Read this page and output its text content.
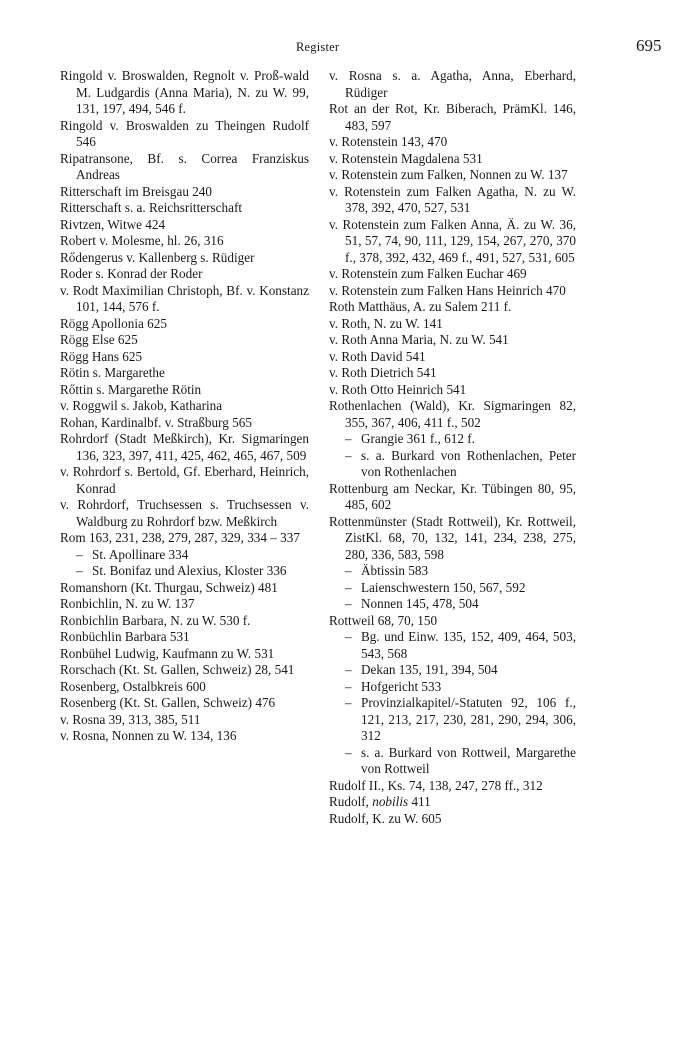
Register	695

Ringold v. Broswalden, Regnolt v. Proß-wald M. Ludgardis (Anna Maria), N. zu W. 99, 131, 197, 494, 546 f.

Ringold v. Broswalden zu Theingen Rudolf 546

Ripatransone, Bf. s. Correa Franziskus Andreas

Ritterschaft im Breisgau 240

Ritterschaft s. a. Reichsritterschaft

Rivtzen, Witwe 424

Robert v. Molesme, hl. 26, 316

Rődengerus v. Kallenberg s. Rüdiger

Roder s. Konrad der Roder

v. Rodt Maximilian Christoph, Bf. v. Konstanz 101, 144, 576 f.

Rögg Apollonia 625

Rögg Else 625

Rögg Hans 625

Rötin s. Margarethe

Rőttin s. Margarethe Rötin

v. Roggwil s. Jakob, Katharina

Rohan, Kardinalbf. v. Straßburg 565

Rohrdorf (Stadt Meßkirch), Kr. Sigmaringen 136, 323, 397, 411, 425, 462, 465, 467, 509

v. Rohrdorf s. Bertold, Gf. Eberhard, Heinrich, Konrad

v. Rohrdorf, Truchsessen s. Truchsessen v. Waldburg zu Rohrdorf bzw. Meßkirch

Rom 163, 231, 238, 279, 287, 329, 334 – 337

– St. Apollinare 334

– St. Bonifaz und Alexius, Kloster 336

Romanshorn (Kt. Thurgau, Schweiz) 481

Ronbichlin, N. zu W. 137

Ronbichlin Barbara, N. zu W. 530 f.

Ronbüchlin Barbara 531

Ronbühel Ludwig, Kaufmann zu W. 531

Rorschach (Kt. St. Gallen, Schweiz) 28, 541

Rosenberg, Ostalbkreis 600

Rosenberg (Kt. St. Gallen, Schweiz) 476

v. Rosna 39, 313, 385, 511

v. Rosna, Nonnen zu W. 134, 136

v. Rosna s. a. Agatha, Anna, Eberhard, Rüdiger

Rot an der Rot, Kr. Biberach, PrämKl. 146, 483, 597

v. Rotenstein 143, 470

v. Rotenstein Magdalena 531

v. Rotenstein zum Falken, Nonnen zu W. 137

v. Rotenstein zum Falken Agatha, N. zu W. 378, 392, 470, 527, 531

v. Rotenstein zum Falken Anna, Ä. zu W. 36, 51, 57, 74, 90, 111, 129, 154, 267, 270, 370 f., 378, 392, 432, 469 f., 491, 527, 531, 605

v. Rotenstein zum Falken Euchar 469

v. Rotenstein zum Falken Hans Heinrich 470

Roth Matthäus, A. zu Salem 211 f.

v. Roth, N. zu W. 141

v. Roth Anna Maria, N. zu W. 541

v. Roth David 541

v. Roth Dietrich 541

v. Roth Otto Heinrich 541

Rothenlachen (Wald), Kr. Sigmaringen 82, 355, 367, 406, 411 f., 502

– Grangie 361 f., 612 f.

– s. a. Burkard von Rothenlachen, Peter von Rothenlachen

Rottenburg am Neckar, Kr. Tübingen 80, 95, 485, 602

Rottenmünster (Stadt Rottweil), Kr. Rottweil, ZistKl. 68, 70, 132, 141, 234, 238, 275, 280, 336, 583, 598

– Äbtissin 583

– Laienschwestern 150, 567, 592

– Nonnen 145, 478, 504

Rottweil 68, 70, 150

– Bg. und Einw. 135, 152, 409, 464, 503, 543, 568

– Dekan 135, 191, 394, 504

– Hofgericht 533

– Provinzialkapitel/-Statuten 92, 106 f., 121, 213, 217, 230, 281, 290, 294, 306, 312

– s. a. Burkard von Rottweil, Margarethe von Rottweil

Rudolf II., Ks. 74, 138, 247, 278 ff., 312

Rudolf, nobilis 411

Rudolf, K. zu W. 605
